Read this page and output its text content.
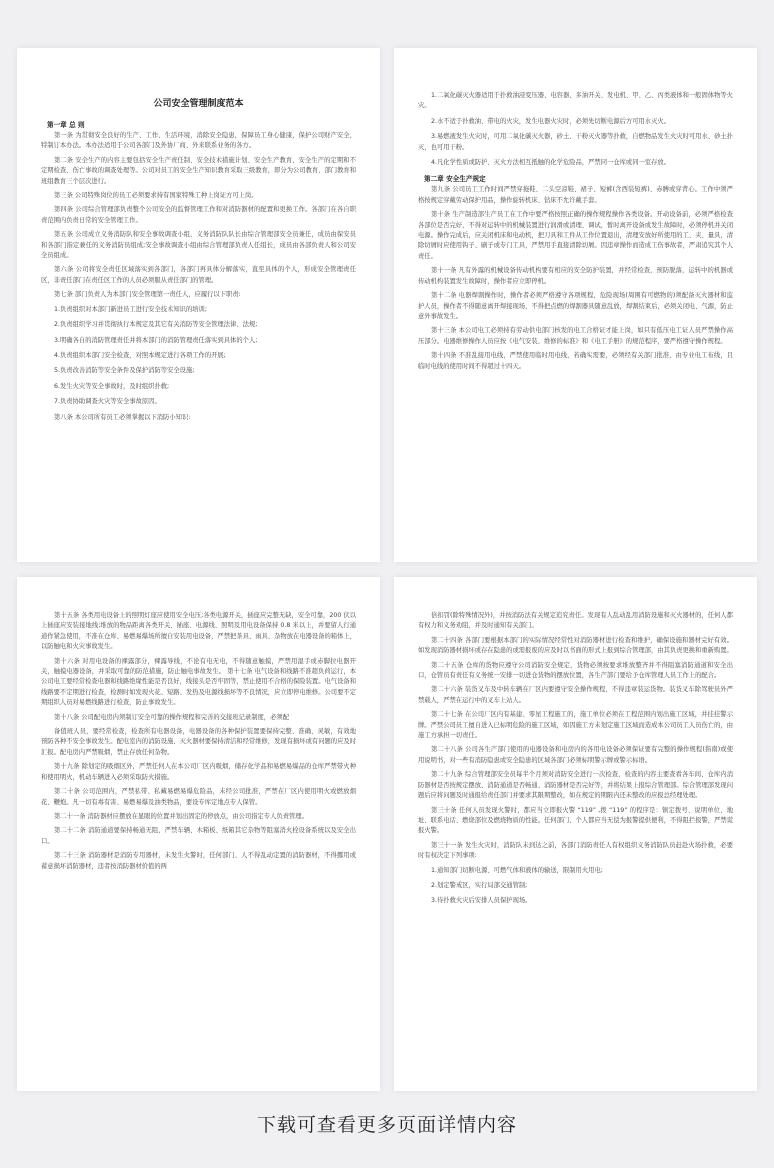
公司安全管理制度范本
第一章 总 则

第一条 为贯彻安全良好的生产、工作、生活环境，消除安全隐患，保障员工身心健康，保护公司财产安全，特制订本办法。本办法适用于公司各部门及外协厂商、外来联系业务的各方。

第二条 安全生产的内容主要包括安全生产责任制、安全技术措施计划、安全生产教育、安全生产的定期和不定期检查、伤亡事故的调查处理等。公司对员工的安全生产知识教育采取三级教育，即分为公司教育、部门教育和班组教育三个层次进行。

第三条 公司特殊岗位的员工必须要求持有国家特殊工种上岗证方可上岗。

第四条 公司综合管理部负责整个公司安全的监督管理工作和对消防器材的配置和更换工作。各部门在各自职责范围内负责日常的安全管理工作。

第五条 公司成立义务消防队和安全事故调查小组，义务消防队队长由综合管理部安全员兼任，成员由保安员和各部门指定兼任的义务消防员组成;安全事故调查小组由综合管理部负责人任组长，成员由各部负责人和公司安全员组成。

第六条 公司将安全责任区域落实到各部门，各部门再具体分解落实，直至具体的个人，形成安全管理责任区，非责任部门在责任区工作的人员必须服从责任部门的管理。

第七条 部门负责人为本部门安全管理第一责任人，应履行以下职责:

1.负责组织对本部门新进员工进行安全技术知识的培训;

2.负责组织学习并贯彻执行本规定及其它有关消防等安全管理法律、法规;

3.明确各自的消防管理责任并将本部门的消防管理责任落实到具体的个人;

4.负责组织本部门安全检查，对照本规定进行各项工作的开展;

5.负责改善消防等安全条件及保护消防等安全设施;

6.发生火灾等安全事故时，及时组织扑救;

7.负责协助调查火灾等安全事故原因。

第八条 本公司所有员工必须掌握以下消防小知识:

1.二氧化碳灭火器适用于扑救油浸变压器、电容器、多油开关、发电机、甲、乙、丙类液体和一般固体物等火灾。

2.水不适于扑救油、带电的火灾，发生电器火灾时，必须先切断电源后方可用水灭火。

3.易燃液发生火灾时，可用二氧化碳灭火器，砂土、干粉灭火器等扑救，自燃物品发生火灾时可用水、砂土扑灭，也可用干粉。

4.凡化学性质或防护、灭火方法相互抵触的化学危险品，严禁同一仓库或同一室存放。

第二章 安全生产规定

第九条 公司员工工作时间严禁穿拖鞋、二头空凉鞋、裙子、短裤(含西装短裤)、赤膊或穿背心。工作中须严格按规定穿戴劳动保护用品，操作旋转机床、钻床不允许戴手套。

第十条 生产制造部生产员工在工作中要严格按照正确的操作规程操作各类设备。开动设备前，必须严格检查各部位是否完好，不得对运转中的机械装置进行润滑或清理、调试，暂时离开设备或发生故障时，必须停机并关闭电源。操作完成后，应关闭机床和电动机，把刀具和工件从工作位置退出，清理安放好所使用的工、夹、量具，清除切屑时应使用钩子、刷子或专门工具，严禁用手直接清除切屑。因违章操作而造成工伤事故者，严肃追究其个人责任。

第十一条 凡有外露的机械设备传动机构要有相应的安全防护装置，并经常检查，预防脱落，运转中的机器或传动机构装置发生故障时，操作者应立即停机。

第十二条 电器焊割操作时，操作者必须严格遵守各项规程，危险现场(周围有可燃物的)须配备灭火器材和监护人员，操作者不得随意离开焊接现场，不得把点燃的焊割器具随意乱放，焊割结束后，必须关闭电、气源，防止意外事故发生。

第十三条 本公司电工必须持有劳动供电部门核发的电工合格证才能上岗，如只有低压电工证人员严禁操作高压部分。电器维修操作人员应按《电气安装、维修的标准》和《电工手册》的规范程序，要严格遵守操作规程。

第十四条 不准乱接用电线，严禁使用临时用电线，若确实需要，必须经有关部门批准，由专业电工布线，且临时电线的使用时间不得超过十四天。

第十五条 各类用电设备上的照明灯座应使用安全电压;各类电源开关，插座应完整无缺，安全可靠，200 伏以上插座应安装接地线;堆放的物品距离各类开关、插座、电源线、照明及用电设备保持 0.8 米以上，并要留人行通道作紧急使用，不准在仓库、易燃易爆场所擅自安装用电设备，严禁把茶具、雨具、杂物放在电器设备的箱体上，以防触电和火灾事故发生。

第十六条 对用电设备的裸露部分，裸露导线，不论有电无电，不得随意触摸，严禁用湿手或赤脚拉电器开关，触摸电器设备，并采取可靠的防范措施，防止触电事故发生。 第十七条 电气设备和线路不准超负荷运行，本公司电工要经常检查电器和线路绝缘性能是否良好，线接头是否牢固等，禁止使用不合格的保险装置。电气设备和线路要不定期进行检查，检测时如发现火花、短路、发热及电源线损坏等不良情况，应立即停电维修。公司要不定期组织人员对易燃线路进行检查，防止事故发生。

第十八条 公司配电房内须制订安全可靠的操作规程和完善的交接班记录制度，必须配

备值班人员，要经常检查，检查所有电器设备，电器设备的各种保护装置要保持完整、准确、灵敏，有效地预防各种不安全事故发生。配电室内的消防设施、灭火器材要保持清洁和经常维修，发现有损坏或有问题的应及时汇报。配电房内严禁吸烟，禁止存放任何杂物。

第十九条 除划定的吸烟区外，严禁任何人在本公司厂区内吸烟，储存化学品和易燃易爆品的仓库严禁带火种和使用明火，机动车辆进入必须采取防火措施。

第二十条 公司范围内，严禁私带、私藏易燃易爆危险品，未经公司批准，严禁在厂区内使用明火或燃放烟花、鞭炮。凡一切有毒有害、易燃易爆及油类物品，要设专库定地点专人保管。

第二十一条 消防器材应摆放在显眼的位置并划出固定的停放点，由公司指定专人负责管理。

第二十二条 消防通道要保持畅通无阻，严禁车辆、木箱板、纸箱其它杂物等阻塞消火栓设备系统以及安全出口。

第二十三条 消防器材是消防专用器材，未发生火警时，任何部门、人不得乱动定置的消防器材，不得挪用或蓄意损坏消防器材，违者按消防器材价值的两

倍扣罚(除特殊情况外)，并按消防法有关规定追究责任。发现有人乱动乱用消防设施和灭火器材的，任何人都有权力和义务劝阻，并及时通知有关部门。

第二十四条 各部门要根据本部门的实际情况经常性对消防器材进行检查和维护，确保设施和器材完好有效。如发现消防器材损坏或存在隐患的或需报废的应及时以书面的形式上报到综合管理部，由其负责更换和重新购置。

第二十五条 仓库的货物应遵守公司消防安全规定，货物必须按要求堆放整齐并不得阻塞消防通道和安全出口，仓管员有责任有义务统一安排一切进仓货物的摆放位置，各生产部门要给予仓库管理人员工作上的配合。

第二十六条 装货叉车及中转车辆在厂区内要遵守安全操作规程，不得违章装运货物。装货叉车除驾驶员外严禁载人，严禁在运行中的叉车上站人。

第二十七条 在公司厂区内有基建、零星工程施工的，施工单位必须在工程范围内划出施工区域，并挂挂警示牌。严禁公司员工擅自进入已标明危险的施工区域，如因施工方未划定施工区域而造成本公司员工人员伤亡的，由施工方承担一切责任。

第二十八条 公司各生产部门使用的电器设备和电房内的各用电设备必须保证要有完整的操作规程(指南)或使用说明书，对一些有消防隐患或安全隐患的区域各部门必须标明警示牌或警示标语。

第二十九条 综合管理部安全员每半个月须对消防安全进行一次检查，检查的内容主要查看各车间、仓库内消防器材是否按规定摆放、消防通道是否畅通、消防器材是否完好等，并将结果上报综合管理部。综合管理部发现问题后应将问题及时通报给责任部门并要求其限期整改，如在规定的期限内还未整改的应报总经理处理。

第三十条 任何人员发现火警时，都应当立即报火警 “119” ,拨 “119” 的程序是：镇定拨号、说明单位、地址、联系电话、燃烧部位及燃烧物质的性能。任何部门、个人都应当无偿为报警提供便利，不得阻拦报警，严禁谎报火警。

第三十一条 发生火灾时，消防队未到达之前，各部门消防责任人有权组织义务消防队员赶赴火场扑救，必要时有权决定下列事项:

1.通知部门切断电源、可燃气体和液体的输送，限制用火用电;

2.划定警戒区，实行局部交通管制;

3.待扑救火灾后安排人员保护现场。

下载可查看更多页面详情内容
